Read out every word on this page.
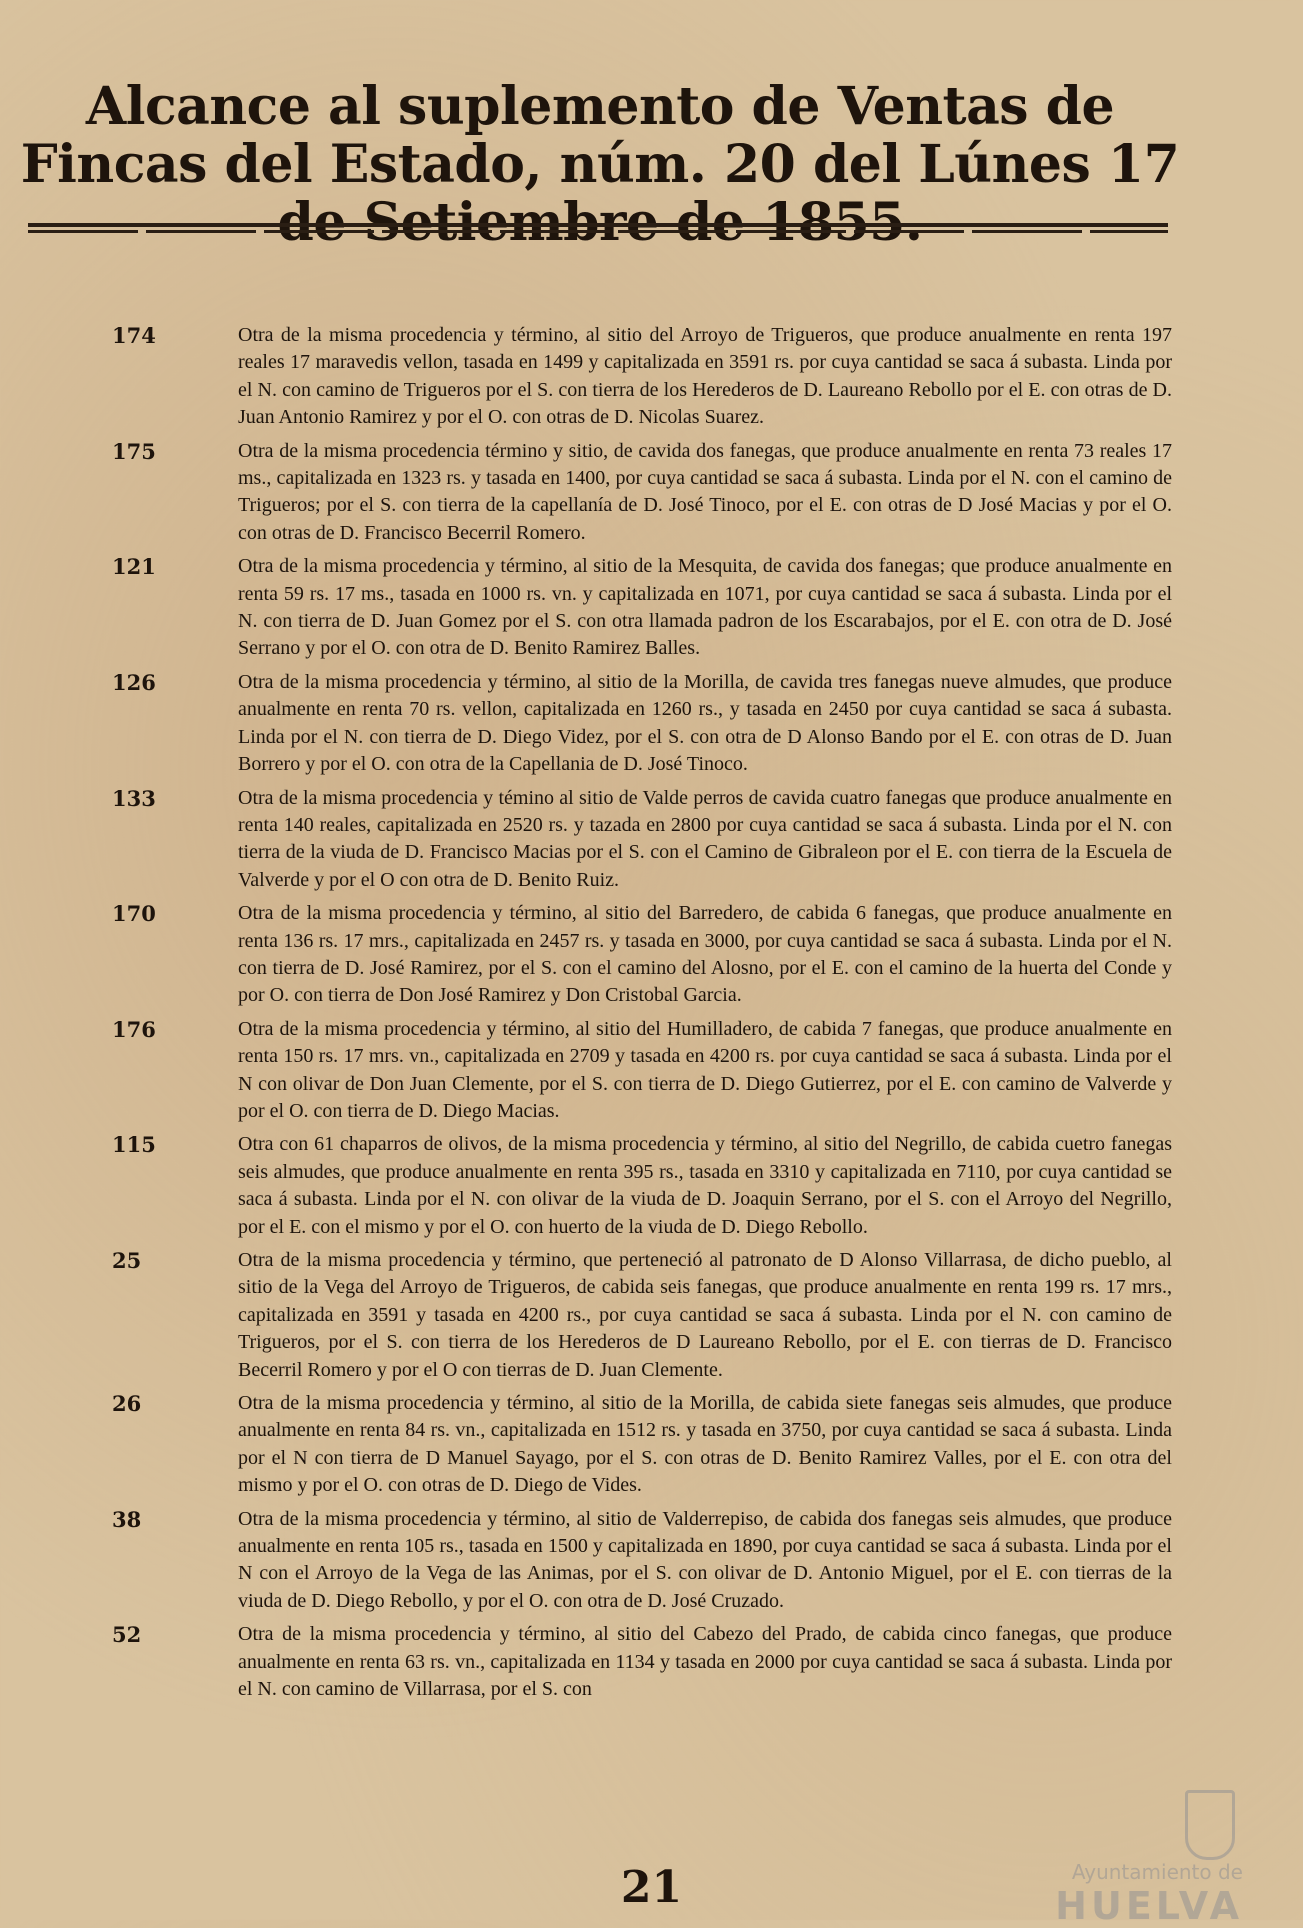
Alcance al suplemento de Ventas de Fincas del Estado, núm. 20 del Lúnes 17
174	Otra de la misma procedencia y término, al sitio del Arroyo de Trigueros, que produce anualmente en renta 197 reales 17 maravedis vellon, tasada en 1499 y capitalizada en 3591 rs. por cuya cantidad se saca á subasta. Linda por el N. con camino de Trigueros por el S. con tierra de los Herederos de D. Laureano Rebollo por el E. con otras de D. Juan Antonio Ramirez y por el O. con otras de D. Nicolas Suarez.
175	Otra de la misma procedencia término y sitio, de cavida dos fanegas, que produce anualmente en renta 73 reales 17 ms., capitalizada en 1323 rs. y tasada en 1400, por cuya cantidad se saca á subasta. Linda por el N. con el camino de Trigueros; por el S. con tierra de la capellanía de D. José Tinoco, por el E. con otras de D José Macias y por el O. con otras de D. Francisco Becerril Romero.
121	Otra de la misma procedencia y término, al sitio de la Mesquita, de cavida dos fanegas; que produce anualmente en renta 59 rs. 17 ms., tasada en 1000 rs. vn. y capitalizada en 1071, por cuya cantidad se saca á subasta. Linda por el N. con tierra de D. Juan Gomez por el S. con otra llamada padron de los Escarabajos, por el E. con otra de D. José Serrano y por el O. con otra de D. Benito Ramirez Balles.
126	Otra de la misma procedencia y término, al sitio de la Morilla, de cavida tres fanegas nueve almudes, que produce anualmente en renta 70 rs. vellon, capitalizada en 1260 rs., y tasada en 2450 por cuya cantidad se saca á subasta. Linda por el N. con tierra de D. Diego Videz, por el S. con otra de D Alonso Bando por el E. con otras de D. Juan Borrero y por el O. con otra de la Capellania de D. José Tinoco.
133	Otra de la misma procedencia y témino al sitio de Valde perros de cavida cuatro fanegas que produce anualmente en renta 140 reales, capitalizada en 2520 rs. y tazada en 2800 por cuya cantidad se saca á subasta. Linda por el N. con tierra de la viuda de D. Francisco Macias por el S. con el Camino de Gibraleon por el E. con tierra de la Escuela de Valverde y por el O con otra de D. Benito Ruiz.
170	Otra de la misma procedencia y término, al sitio del Barredero, de cabida 6 fanegas, que produce anualmente en renta 136 rs. 17 mrs., capitalizada en 2457 rs. y tasada en 3000, por cuya cantidad se saca á subasta. Linda por el N. con tierra de D. José Ramirez, por el S. con el camino del Alosno, por el E. con el camino de la huerta del Conde y por O. con tierra de Don José Ramirez y Don Cristobal Garcia.
176	Otra de la misma procedencia y término, al sitio del Humilladero, de cabida 7 fanegas, que produce anualmente en renta 150 rs. 17 mrs. vn., capitalizada en 2709 y tasada en 4200 rs. por cuya cantidad se saca á subasta. Linda por el N con olivar de Don Juan Clemente, por el S. con tierra de D. Diego Gutierrez, por el E. con camino de Valverde y por el O. con tierra de D. Diego Macias.
115	Otra con 61 chaparros de olivos, de la misma procedencia y término, al sitio del Negrillo, de cabida cuetro fanegas seis almudes, que produce anualmente en renta 395 rs., tasada en 3310 y capitalizada en 7110, por cuya cantidad se saca á subasta. Linda por el N. con olivar de la viuda de D. Joaquin Serrano, por el S. con el Arroyo del Negrillo, por el E. con el mismo y por el O. con huerto de la viuda de D. Diego Rebollo.
25	Otra de la misma procedencia y término, que perteneció al patronato de D Alonso Villarrasa, de dicho pueblo, al sitio de la Vega del Arroyo de Trigueros, de cabida seis fanegas, que produce anualmente en renta 199 rs. 17 mrs., capitalizada en 3591 y tasada en 4200 rs., por cuya cantidad se saca á subasta. Linda por el N. con camino de Trigueros, por el S. con tierra de los Herederos de D Laureano Rebollo, por el E. con tierras de D. Francisco Becerril Romero y por el O con tierras de D. Juan Clemente.
26	Otra de la misma procedencia y término, al sitio de la Morilla, de cabida siete fanegas seis almudes, que produce anualmente en renta 84 rs. vn., capitalizada en 1512 rs. y tasada en 3750, por cuya cantidad se saca á subasta. Linda por el N con tierra de D Manuel Sayago, por el S. con otras de D. Benito Ramirez Valles, por el E. con otra del mismo y por el O. con otras de D. Diego de Vides.
38	Otra de la misma procedencia y término, al sitio de Valderrepiso, de cabida dos fanegas seis almudes, que produce anualmente en renta 105 rs., tasada en 1500 y capitalizada en 1890, por cuya cantidad se saca á subasta. Linda por el N con el Arroyo de la Vega de las Animas, por el S. con olivar de D. Antonio Miguel, por el E. con tierras de la viuda de D. Diego Rebollo, y por el O. con otra de D. José Cruzado.
52	Otra de la misma procedencia y término, al sitio del Cabezo del Prado, de cabida cinco fanegas, que produce anualmente en renta 63 rs. vn., capitalizada en 1134 y tasada en 2000 por cuya cantidad se saca á subasta. Linda por el N. con camino de Villarrasa, por el S. con
21
	Ayuntamiento de
HUELVA
